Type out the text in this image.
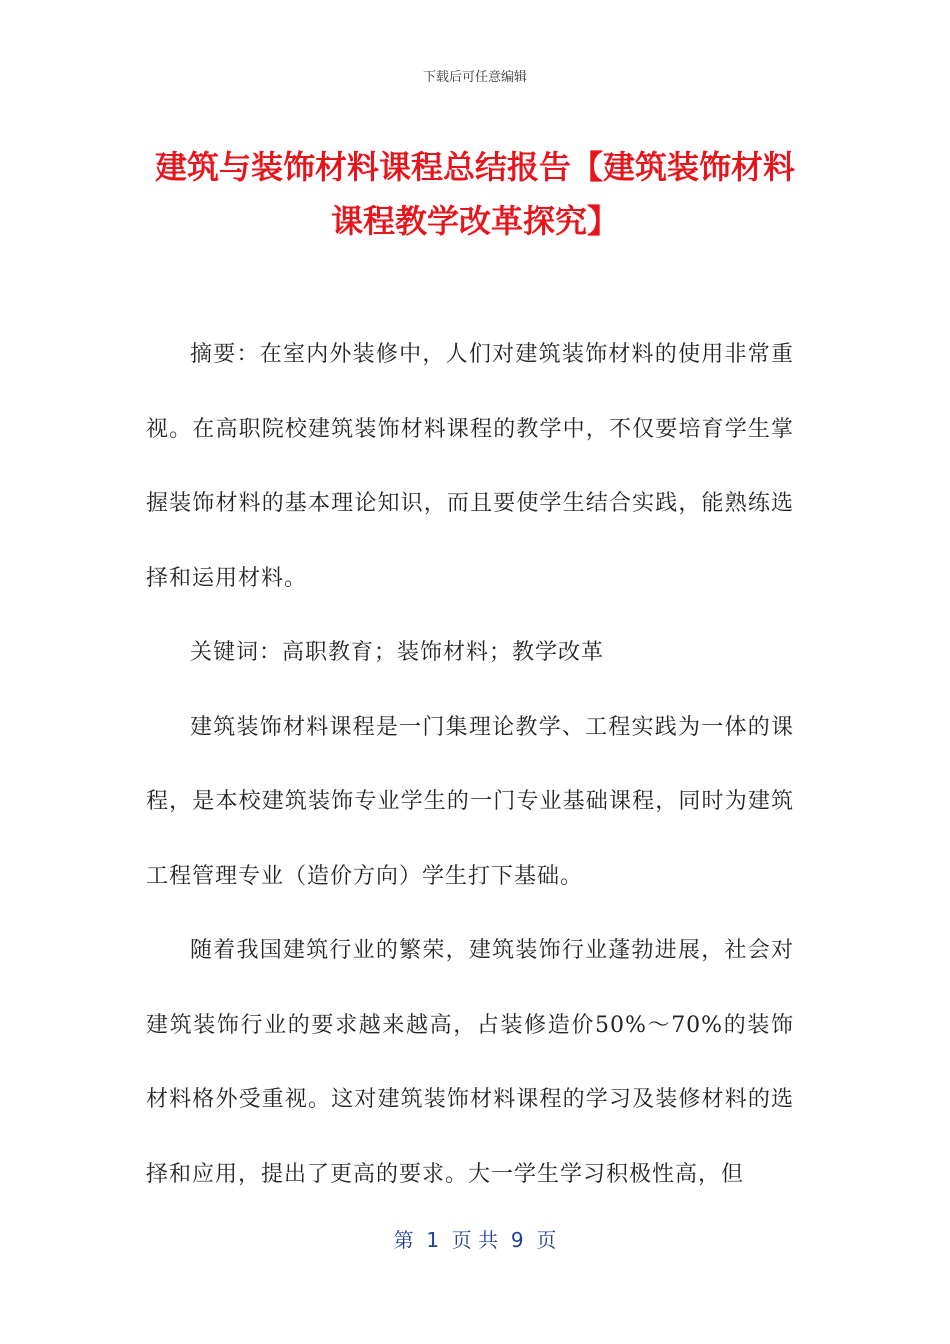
下载后可任意编辑
建筑与装饰材料课程总结报告【建筑装饰材料课程教学改革探究】

摘要：在室内外装修中，人们对建筑装饰材料的使用非常重视。在高职院校建筑装饰材料课程的教学中，不仅要培育学生掌握装饰材料的基本理论知识，而且要使学生结合实践，能熟练选择和运用材料。

关键词：高职教育；装饰材料；教学改革

建筑装饰材料课程是一门集理论教学、工程实践为一体的课程，是本校建筑装饰专业学生的一门专业基础课程，同时为建筑工程管理专业（造价方向）学生打下基础。

随着我国建筑行业的繁荣，建筑装饰行业蓬勃进展，社会对建筑装饰行业的要求越来越高，占装修造价50%～70%的装饰材料格外受重视。这对建筑装饰材料课程的学习及装修材料的选择和应用，提出了更高的要求。大一学生学习积极性高，但

第  1  页 共  9  页
